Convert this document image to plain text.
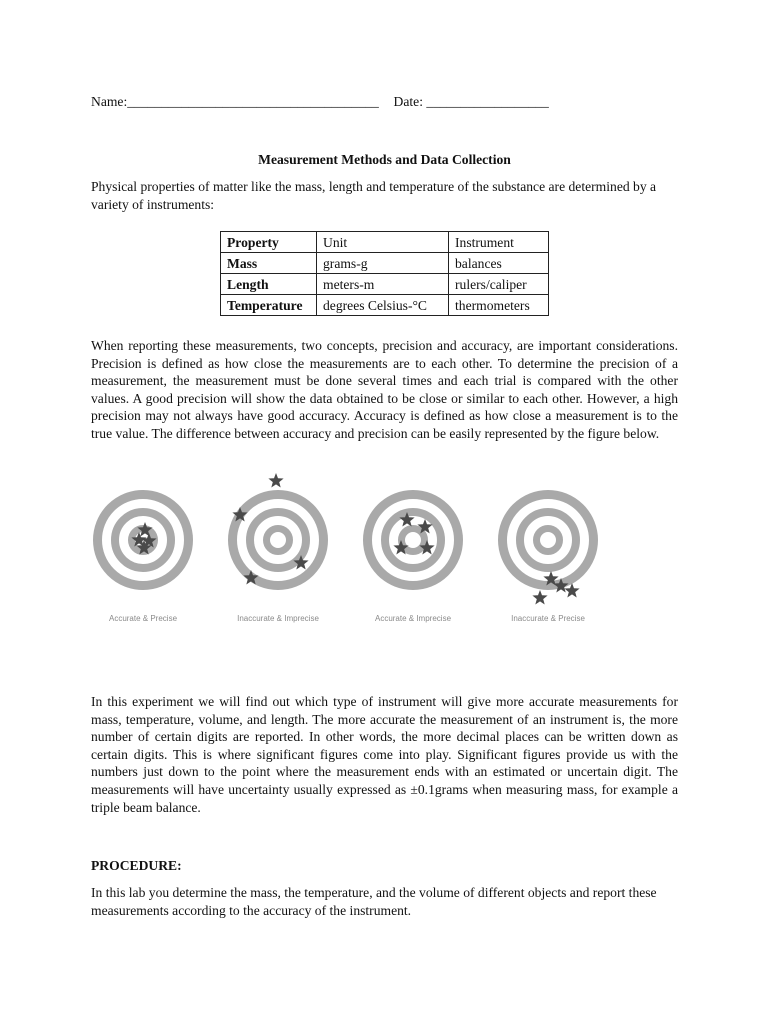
Name:_____________________________________ Date: __________________
Measurement Methods and Data Collection
Physical properties of matter like the mass, length and temperature of the substance are determined by a variety of instruments:
Property	Unit	Instrument
Mass	grams-g	balances
Length	meters-m	rulers/caliper
Temperature	degrees Celsius-°C	thermometers
When reporting these measurements, two concepts, precision and accuracy, are important considerations. Precision is defined as how close the measurements are to each other. To determine the precision of a measurement, the measurement must be done several times and each trial is compared with the other values. A good precision will show the data obtained to be close or similar to each other. However, a high precision may not always have good accuracy. Accuracy is defined as how close a measurement is to the true value. The difference between accuracy and precision can be easily represented by the figure below.
Accurate & Precise	Inaccurate & Imprecise	Accurate & Imprecise	Inaccurate & Precise
In this experiment we will find out which type of instrument will give more accurate measurements for mass, temperature, volume, and length. The more accurate the measurement of an instrument is, the more number of certain digits are reported. In other words, the more decimal places can be written down as certain digits. This is where significant figures come into play. Significant figures provide us with the numbers just down to the point where the measurement ends with an estimated or uncertain digit. The measurements will have uncertainty usually expressed as ±0.1grams when measuring mass, for example a triple beam balance.
PROCEDURE:
In this lab you determine the mass, the temperature, and the volume of different objects and report these measurements according to the accuracy of the instrument.
